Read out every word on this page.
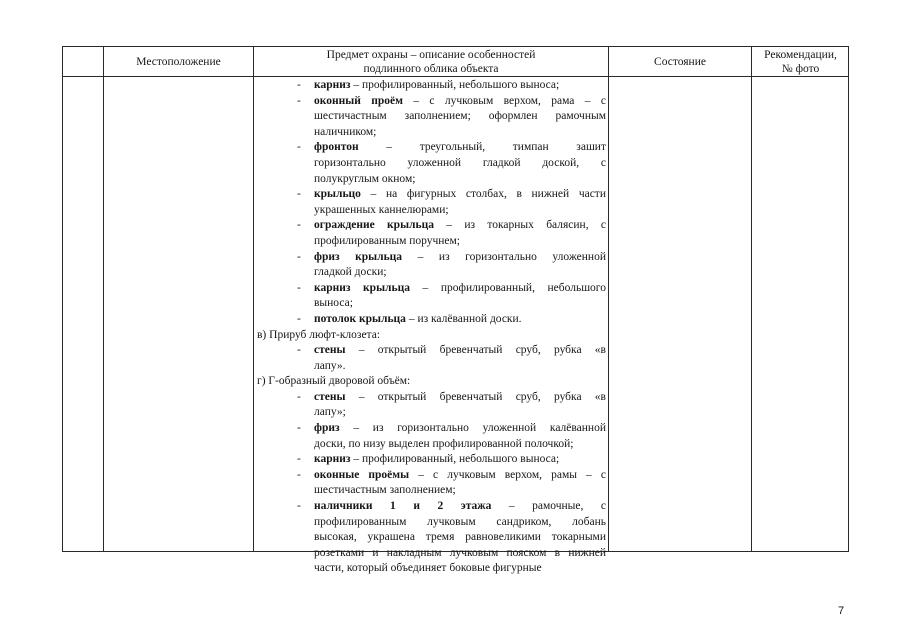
Местоположение
Предмет охраны – описание особенностей
подлинного облика объекта
Состояние
Рекомендации,
№ фото
- карниз – профилированный, небольшого выноса;
- оконный проём – с лучковым верхом, рама – с
шестичастным заполнением; оформлен рамочным
наличником;
- фронтон – треугольный, тимпан зашит
горизонтально уложенной гладкой доской, с
полукруглым окном;
- крыльцо – на фигурных столбах, в нижней части
украшенных каннелюрами;
- ограждение крыльца – из токарных балясин, с
профилированным поручнем;
- фриз крыльца – из горизонтально уложенной
гладкой доски;
- карниз крыльца – профилированный, небольшого
выноса;
- потолок крыльца – из калёванной доски.
в) Прируб люфт-клозета:
- стены – открытый бревенчатый сруб, рубка «в
лапу».
г) Г-образный дворовой объём:
- стены – открытый бревенчатый сруб, рубка «в
лапу»;
- фриз – из горизонтально уложенной калёванной
доски, по низу выделен профилированной полочкой;
- карниз – профилированный, небольшого выноса;
- оконные проёмы – с лучковым верхом, рамы – с
шестичастным заполнением;
- наличники 1 и 2 этажа – рамочные, с
профилированным лучковым сандриком, лобань
высокая, украшена тремя равновеликими токарными
розетками и накладным лучковым пояском в нижней
части, который объединяет боковые фигурные
7
